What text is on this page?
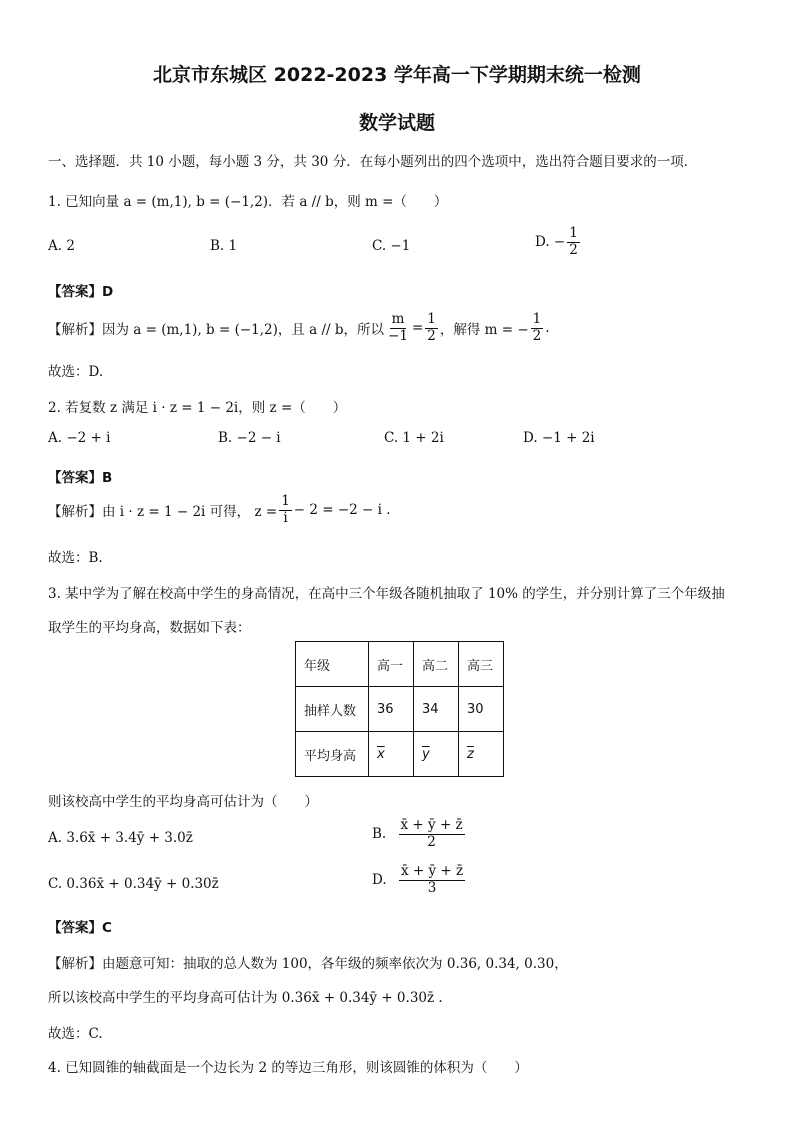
北京市东城区 2022-2023 学年高一下学期期末统一检测
数学试题
一、选择题．共 10 小题，每小题 3 分，共 30 分．在每小题列出的四个选项中，选出符合题目要求的一项．
1. 已知向量 a = (m,1), b = (−1,2)．若 a // b，则 m =（　　）
A. 2	B. 1	C. −1	D. − $\frac{1}{2}$
【答案】D
【解析】因为 a = (m,1), b = (−1,2)，且 a // b，所以 $\frac{m}{-1} = \frac{1}{2}$ ，解得 m = − $\frac{1}{2}$ .
故选：D.
2. 若复数 z 满足 i · z = 1 − 2i，则 z =（　　）
A. −2 + i	B. −2 − i	C. 1 + 2i	D. −1 + 2i
【答案】B
【解析】由 i · z = 1 − 2i 可得， $z = \frac{1}{i} - 2 = -2 - i$ .
故选：B.
3. 某中学为了解在校高中学生的身高情况，在高中三个年级各随机抽取了 10% 的学生，并分别计算了三个年级抽
取学生的平均身高，数据如下表：
年级	高一	高二	高三
抽样人数	36	34	30
平均身高	$\overline{x}$	$\overline{y}$	$\overline{z}$
则该校高中学生的平均身高可估计为（　　）
A. 3.6x̄ + 3.4ȳ + 3.0z̄	B. $\frac{x̄ + ȳ + z̄}{2}$
C. 0.36x̄ + 0.34ȳ + 0.30z̄	D. $\frac{x̄ + ȳ + z̄}{3}$
【答案】C
【解析】由题意可知：抽取的总人数为 100，各年级的频率依次为 0.36, 0.34, 0.30，
所以该校高中学生的平均身高可估计为 0.36x̄ + 0.34ȳ + 0.30z̄ .
故选：C.
4. 已知圆锥的轴截面是一个边长为 2 的等边三角形，则该圆锥的体积为（　　）
